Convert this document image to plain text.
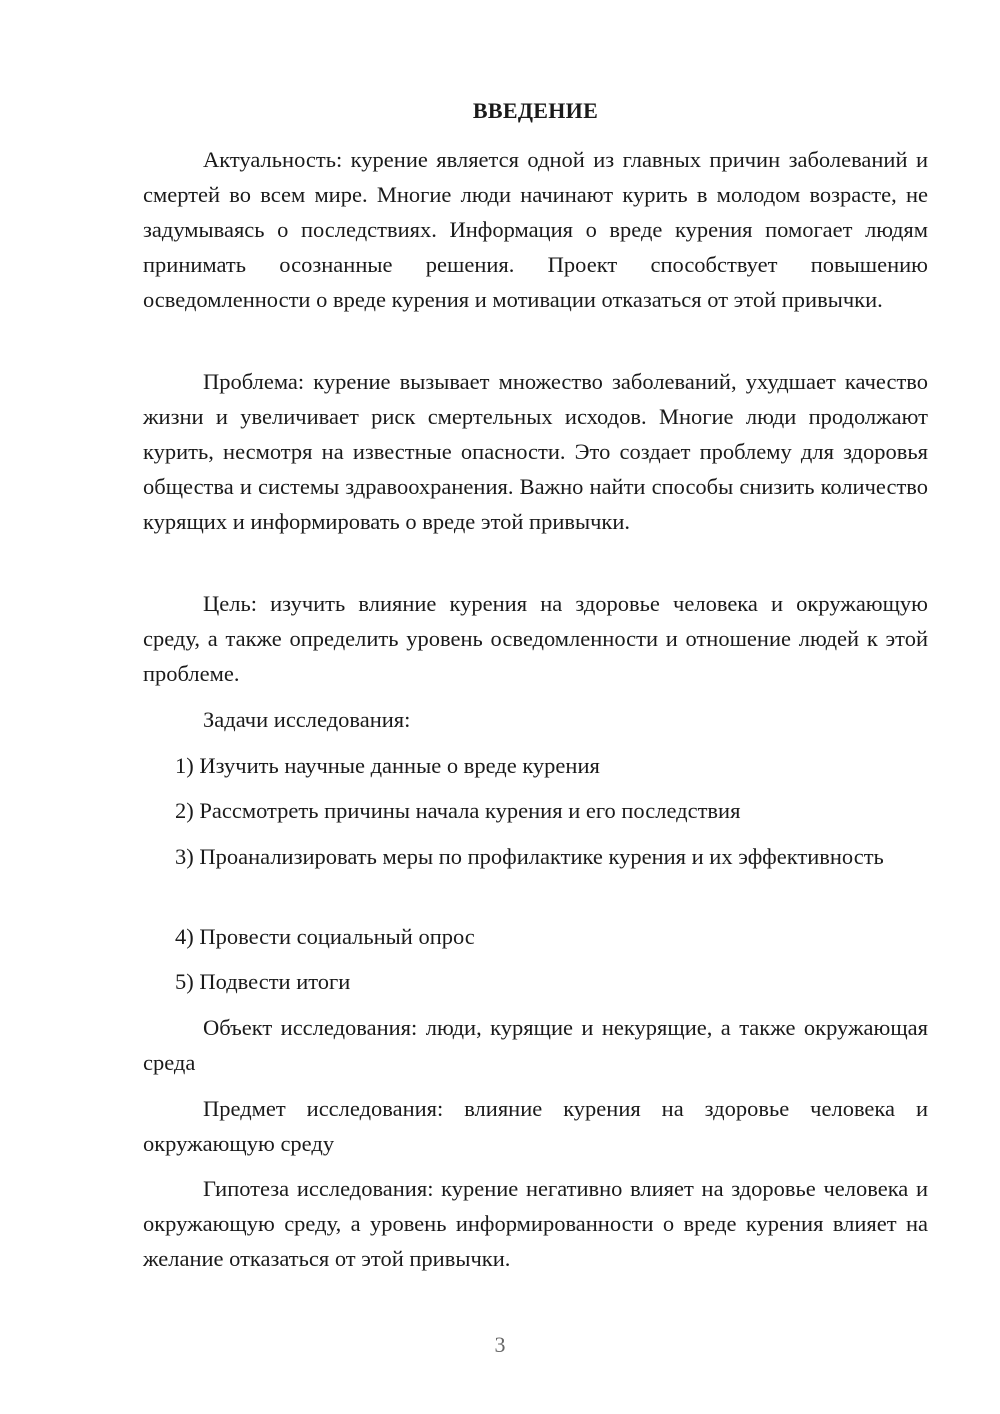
ВВЕДЕНИЕ

Актуальность: курение является одной из главных причин заболеваний и смертей во всем мире. Многие люди начинают курить в молодом возрасте, не задумываясь о последствиях. Информация о вреде курения помогает людям принимать осознанные решения. Проект способствует повышению осведомленности о вреде курения и мотивации отказаться от этой привычки.

Проблема: курение вызывает множество заболеваний, ухудшает качество жизни и увеличивает риск смертельных исходов. Многие люди продолжают курить, несмотря на известные опасности. Это создает проблему для здоровья общества и системы здравоохранения. Важно найти способы снизить количество курящих и информировать о вреде этой привычки.

Цель: изучить влияние курения на здоровье человека и окружающую среду, а также определить уровень осведомленности и отношение людей к этой проблеме.

Задачи исследования:

1) Изучить научные данные о вреде курения

2) Рассмотреть причины начала курения и его последствия

3) Проанализировать меры по профилактике курения и их эффективность

4) Провести социальный опрос

5) Подвести итоги

Объект исследования: люди, курящие и некурящие, а также окружающая среда

Предмет исследования: влияние курения на здоровье человека и окружающую среду

Гипотеза исследования: курение негативно влияет на здоровье человека и окружающую среду, а уровень информированности о вреде курения влияет на желание отказаться от этой привычки.

3
